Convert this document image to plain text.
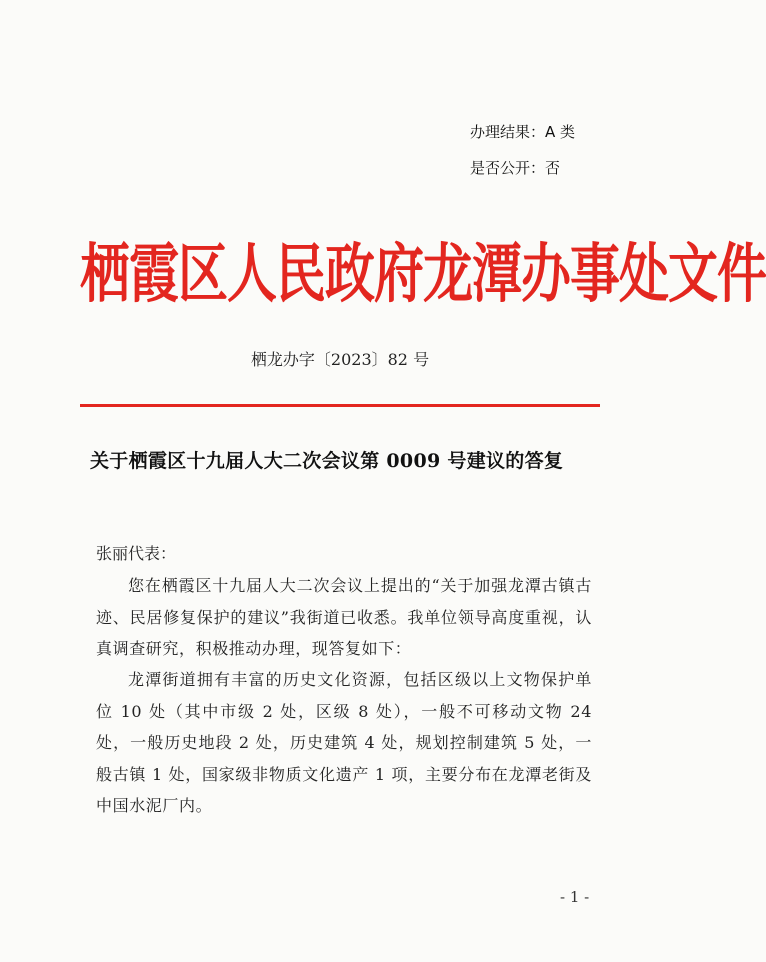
办理结果：A 类
是否公开：否
栖霞区人民政府龙潭办事处文件
栖龙办字〔2023〕82 号
关于栖霞区十九届人大二次会议第 0009 号建议的答复
张丽代表：
您在栖霞区十九届人大二次会议上提出的“关于加强龙潭古镇古迹、民居修复保护的建议”我街道已收悉。我单位领导高度重视，认真调查研究，积极推动办理，现答复如下：
龙潭街道拥有丰富的历史文化资源，包括区级以上文物保护单位 10 处（其中市级 2 处，区级 8 处），一般不可移动文物 24 处，一般历史地段 2 处，历史建筑 4 处，规划控制建筑 5 处，一般古镇 1 处，国家级非物质文化遗产 1 项，主要分布在龙潭老街及中国水泥厂内。
- 1 -
